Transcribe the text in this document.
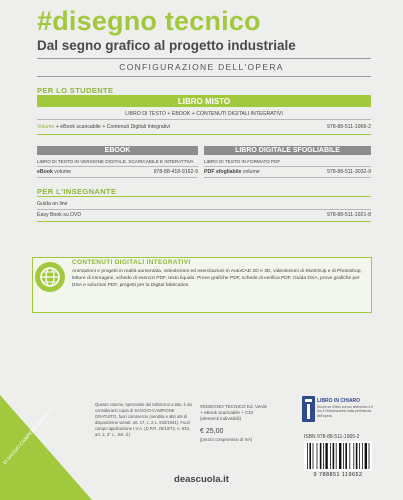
#disegno tecnico
Dal segno grafico al progetto industriale
CONFIGURAZIONE DELL'OPERA
PER LO STUDENTE
LIBRO MISTO
LIBRO DI TESTO + EBOOK + CONTENUTI DIGITALI INTEGRATIVI
Volume + eBook scaricabile + Contenuti Digitali Integrativi	978-88-511-1965-2
EBOOK
LIBRO DI TESTO IN VERSIONE DIGITALE, SCARICABILE E INTERATTIVA
eBook volume	978-88-418-9162-9
LIBRO DIGITALE SFOGLIABILE
LIBRO DI TESTO IN FORMATO PDF
PDF sfogliabile volume	978-88-511-3032-9
PER L'INSEGNANTE
Guida on line
Easy Book su DVD	978-88-511-1921-8
CONTENUTI DIGITALI INTEGRATIVI
Animazioni e progetti in realtà aumentata, videolezioni ed esercitazioni in AutoCAD 2D e 3D, videolezioni di SketchUp e di Photoshop, letture di immagine, schede di esercizi PDF, testo liquido. Prove grafiche PDF, schede di verifica PDF, Guida DSA, prove grafiche per DSA e soluzioni PDF, progetti per la Digital fabrication.
DI SAGGIO-CAMPIONE GRATUITO
Questo volume, sprovvisto del talloncino a lato, è da considerarsi copia di SAGGIO-CAMPIONE GRATUITO, fuori commercio (vendita e altri atti di disposizione vietati: art. 17, c. 2 L. 633/1941). Fuori campo applicazione I.V.A. (D.P.R. 26/10/72, n. 633, art. 2, 3° c., lett. d.)
#DISEGNO TECNICO Ed. Verde
+ eBook scaricabile + CDI
(elementi indivisibili)
€ 25,00
(prezzo comprensivo di IVA)
LIBRO IN CHIARO
Scopri se il libro sul tuo telefonino è il tuo e l'informazione sulla pertinenza dell'opera.
ISBN 978-88-511-1965-2
9 788851 119652
deascuola.it
